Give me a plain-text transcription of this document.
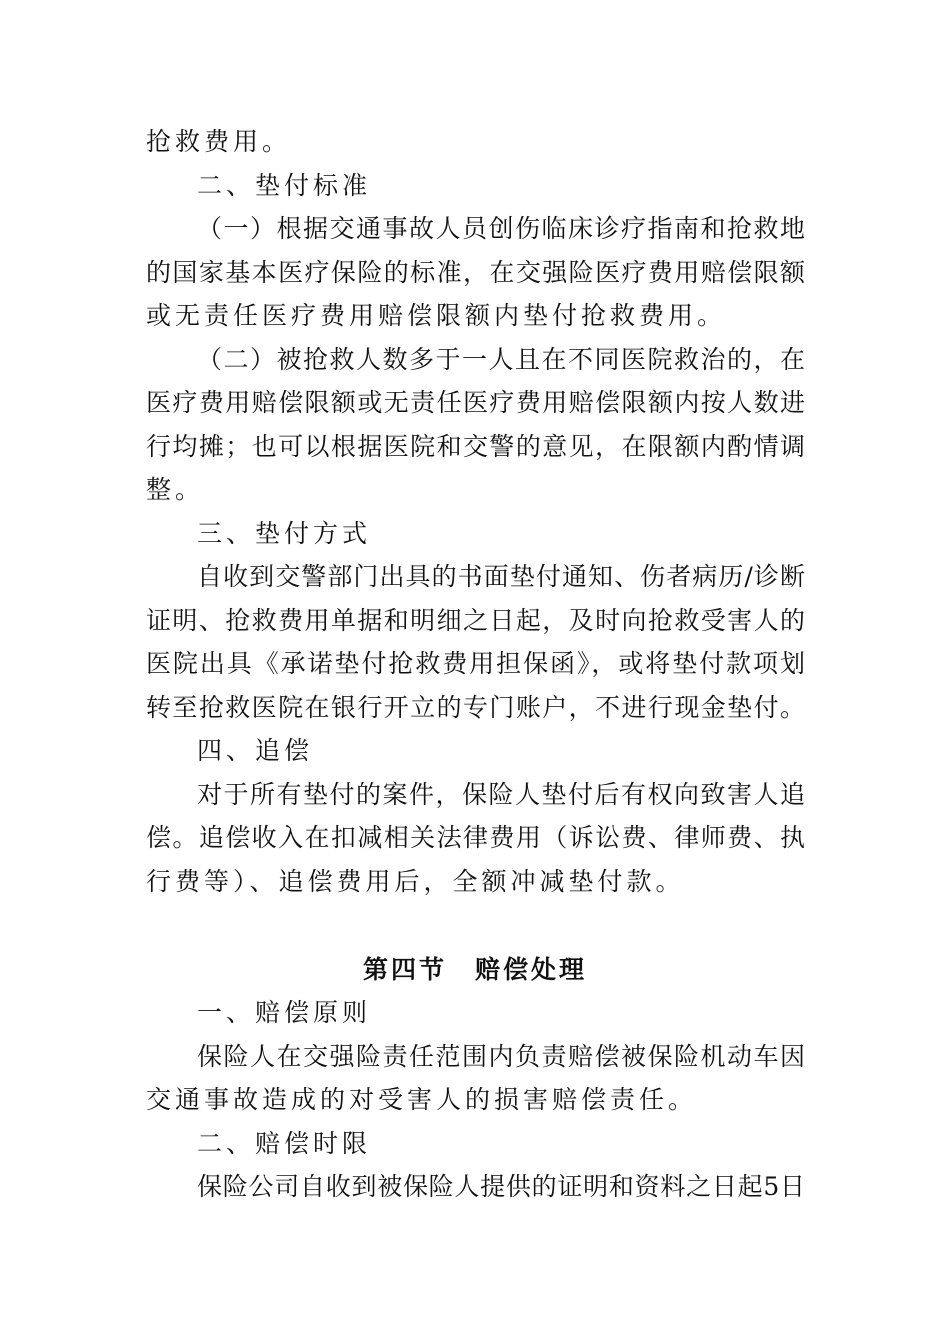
抢救费用。
二、垫付标准
（一）根据交通事故人员创伤临床诊疗指南和抢救地
的国家基本医疗保险的标准，在交强险医疗费用赔偿限额
或无责任医疗费用赔偿限额内垫付抢救费用。
（二）被抢救人数多于一人且在不同医院救治的，在
医疗费用赔偿限额或无责任医疗费用赔偿限额内按人数进
行均摊；也可以根据医院和交警的意见，在限额内酌情调
整。
三、垫付方式
自收到交警部门出具的书面垫付通知、伤者病历/诊断
证明、抢救费用单据和明细之日起，及时向抢救受害人的
医院出具《承诺垫付抢救费用担保函》，或将垫付款项划
转至抢救医院在银行开立的专门账户，不进行现金垫付。
四、追偿
对于所有垫付的案件，保险人垫付后有权向致害人追
偿。追偿收入在扣减相关法律费用（诉讼费、律师费、执
行费等）、追偿费用后，全额冲减垫付款。
第四节　赔偿处理
一、赔偿原则
保险人在交强险责任范围内负责赔偿被保险机动车因
交通事故造成的对受害人的损害赔偿责任。
二、赔偿时限
保险公司自收到被保险人提供的证明和资料之日起5日
